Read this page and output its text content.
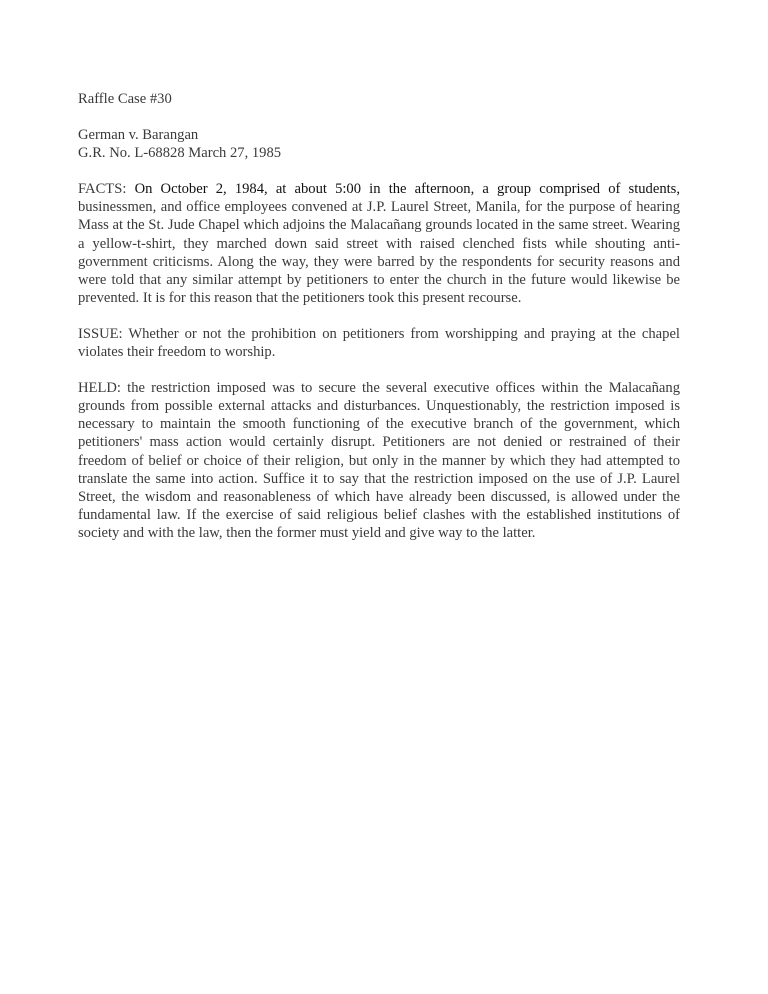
Raffle Case #30

German v. Barangan
G.R. No. L-68828 March 27, 1985

FACTS: On October 2, 1984, at about 5:00 in the afternoon, a group comprised of students, businessmen, and office employees convened at J.P. Laurel Street, Manila, for the purpose of hearing Mass at the St. Jude Chapel which adjoins the Malacañang grounds located in the same street. Wearing a yellow-t-shirt, they marched down said street with raised clenched fists while shouting anti-government criticisms. Along the way, they were barred by the respondents for security reasons and were told that any similar attempt by petitioners to enter the church in the future would likewise be prevented. It is for this reason that the petitioners took this present recourse.

ISSUE: Whether or not the prohibition on petitioners from worshipping and praying at the chapel violates their freedom to worship.

HELD: the restriction imposed was to secure the several executive offices within the Malacañang grounds from possible external attacks and disturbances. Unquestionably, the restriction imposed is necessary to maintain the smooth functioning of the executive branch of the government, which petitioners' mass action would certainly disrupt. Petitioners are not denied or restrained of their freedom of belief or choice of their religion, but only in the manner by which they had attempted to translate the same into action. Suffice it to say that the restriction imposed on the use of J.P. Laurel Street, the wisdom and reasonableness of which have already been discussed, is allowed under the fundamental law. If the exercise of said religious belief clashes with the established institutions of society and with the law, then the former must yield and give way to the latter.
